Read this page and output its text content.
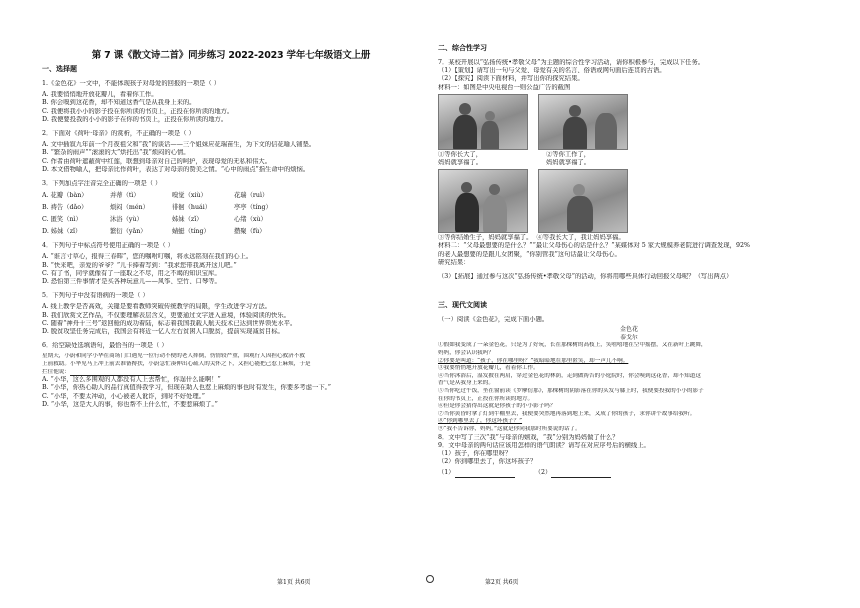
第 7 课《散文诗二首》同步练习 2022-2023 学年七年级语文上册
一、选择题
1.《金色花》一文中，不能体现孩子对母爱的回报的一项是（ ）
A. 我要悄悄地开放花瓣儿，看着你工作。
B. 你会嗅到这花香，却不知道这香气是从我身上来的。
C. 我便将我小小的影子投在你所读的书页上，正投在你所读的地方。
D. 我便要投我的小小的影子在你的书页上，正投在你所读的地方。
2．下面对《荷叶·母亲》的赏析，不正确的一项是（ ）
A. 文中插叙九年前一个月夜祖父和“我”的谈话——三个姐妹应花瑞苗生，为下文的信花喻人铺垫。
B. “繁杂的雨声”“滚滚的大”烘托出“我”烦闷的心情。
C. 作者由荷叶遮蔽荷中红莲，联想到母亲对自己的呵护，表现母爱的无私和伟大。
D. 本文借物喻人，把母亲比作荷叶，表达了对母亲的赞美之情。“心中的雨点”指生命中的烦恼。
3．下列加点字注音完全正确的一项是（ ）
A. 花瓣（bàn）	并蒂（tì）	嗅觉（xiù）	花瑞（ruì）
B. 祷告（dǎo）	烦闷（mén）	徘徊（huái）	亭亭（tíng）
C. 匿笑（nì）	沐浴（yù）	姊妹（zǐ）	心绪（xù）
D. 姊妹（zǐ）	繁衍（yǎn）	蜻蜓（tíng）	攒聚（fù）
4．下列句子中标点符号使用正确的一项是（ ）
A. “谁言寸草心，报得三春晖”，您的嘱咐叮嘱，将永远铭刻在我们的心上。
B. “快来吧，亲爱的爷爷？”儿卡捧着写到：“我求您带我离开这儿吧。”
C. 有了书，同学就像有了一座取之不尽，用之不竭的知识宝库。
D. 恐怕第三件事情才是买各种玩意儿——风筝、空竹、口琴等。
5．下列句子中没有语病的一项是（ ）
A. 线上教学是否高效，关键是要看教师突破传统教学的局限，学生改进学习方法。
B. 我们欣赏文艺作品，不仅要理解表层含义，更要通过文字进入意境，体验阅读的快乐。
C. 随着“神舟十三号”返回舱的成功着陆，标志着我国我载人航天技术已达到世界领先水平。
D. 脱贫攻坚任务完成后，我国会有将近一亿人左右贫困人口脱贫，提前实现减贫目标。
6．给空缺处选填语句，最恰当的一项是（ ）
星期天，小蔚和同学小华在商场门口遇见一位行动不便的老人摔倒，伤情较严重，围观行人因担心救济不救
上前救助。小华见马上冲上前去准备搀扶，小蔚急忙凑伸出心疏人的关怀之下，又担心能把己惹上麻烦，于是
拦住他说：
A. “小华，这么多围观的人都没有人上去帮忙，你逞什么能啊！”
B. “小华，你热心助人的品行真值得我学习，但现在助人也惹上麻烦的事也时有发生，你要多考虑一下。”
C. “小华，不要太冲动，小心被老人讹诈，到时不好处理。”
D. “小华，这是大人的事，你也帮不上什么忙，不要惹麻烦了。”
二、综合性学习
7．某校开展以“弘扬传统•孝敬父母”为主题的综合性学习活动，请你积极参与，完成以下任务。
（1）【策划】请写出一句与父爱、母爱有关的名言、俗语或网句面后连贯的古语。
（2）【探究】阅读下面材料，并写出你的探究结果。
材料一：如图是中央电视台一则公益广告的截图
①等你长大了，
妈妈就享福了。
②等你工作了，
妈妈就享福了。
③等你结婚生子，妈妈就享福了。 ④等我长大了，我让妈妈享福。
材料二：“父母最想要的是什么？”“最让父母伤心的话是什么？”某媒体对 5 家大规模养老院进行调查发现，92%
的老人最想要的是跟儿女团聚，“你别管我”这句话最让父母伤心。
研究结果：
（3）【拓展】通过参与这次“弘扬传统•孝敬父母”的活动，你将用哪些具体行动回报父母呢？（写出两点）
三、现代文阅读
（一）阅读《金色花》，完成下面小题。
金色花
泰戈尔
①假如我变成了一朵金色花，只是为了好玩，长在那棵树的高枝上，笑嘻嘻地在空中摇摆，又在新叶上跳舞，
妈妈，你会认识我吗？
②你要是叫道：“孩子，你在哪里呀？”我暗暗地在那里匿笑，却一声儿不响。
③我要悄悄地开放花瓣儿，看着你工作。
④当你沐浴后，湿发披在两肩，穿过金色花的林荫，走到做祷告的小庭院时，你会嗅到这花香，却不知道这
香气是从我身上来的。
⑤当你吃过午饭，坐在窗前读《罗摩衍那》，那棵树的阴影落在你的头发与膝上时，我便要投我的小小的影子
在你的书页上，正投在你所读的地方。
⑥但是你会猜得出这就是你孩子的小小影子吗？
⑦当你黄昏时拿了灯到牛棚里去，我便要突然地再落到地上来，又成了你的孩子，求你讲个故事给我听。
⑧“你到哪里去了，你这坏孩子？”
⑨“我不告诉你，妈妈。”这就是你同我那时所要说的话了。
8．文中写了三次“我”与母亲的嬉戏，“我”分别为妈妈做了什么？
9．文中母亲的两句话应该用怎样的语气朗读？请写在对应序号后的横线上。
（1）孩子，你在哪里呀？
（2）你到哪里去了，你这坏孩子？
（1）	（2）
第1页 共6页	第2页 共6页
